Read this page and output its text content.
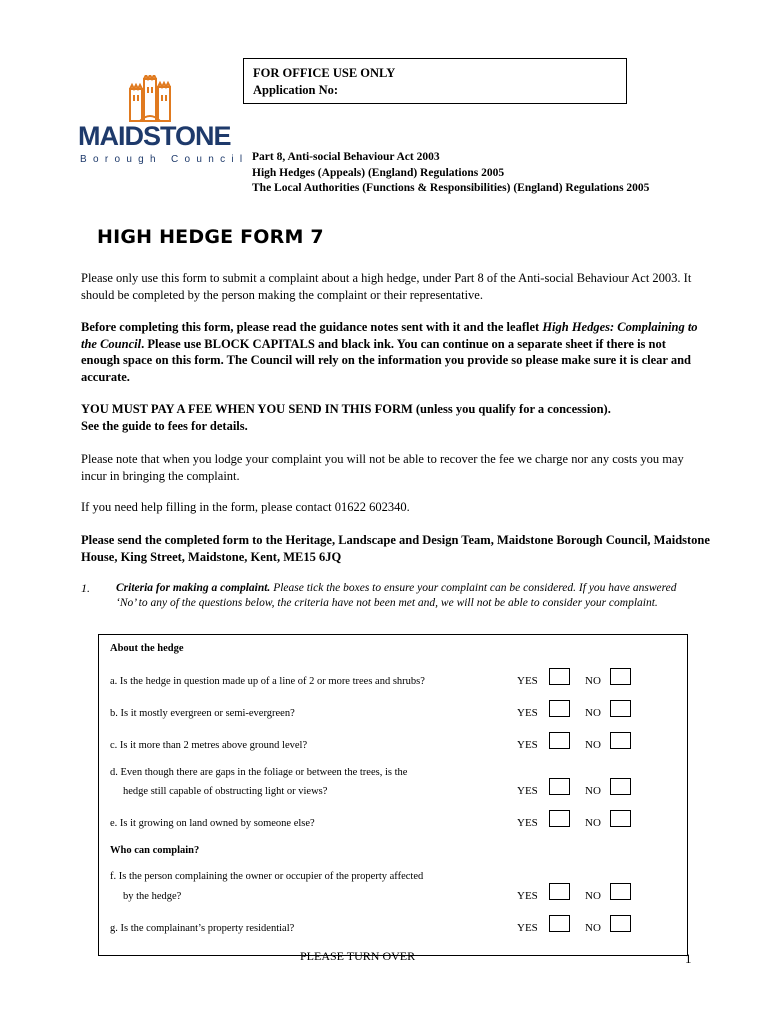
FOR OFFICE USE ONLY
Application No:
MAIDSTONE
Borough Council Part 8, Anti-social Behaviour Act 2003
High Hedges (Appeals) (England) Regulations 2005
The Local Authorities (Functions & Responsibilities) (England) Regulations 2005
HIGH HEDGE FORM 7
Please only use this form to submit a complaint about a high hedge, under Part 8 of the Anti-social Behaviour Act 2003. It should be completed by the person making the complaint or their representative.
Before completing this form, please read the guidance notes sent with it and the leaflet High Hedges: Complaining to the Council. Please use BLOCK CAPITALS and black ink. You can continue on a separate sheet if there is not enough space on this form. The Council will rely on the information you provide so please make sure it is clear and accurate.
YOU MUST PAY A FEE WHEN YOU SEND IN THIS FORM (unless you qualify for a concession).
See the guide to fees for details.
Please note that when you lodge your complaint you will not be able to recover the fee we charge nor any costs you may incur in bringing the complaint.
If you need help filling in the form, please contact 01622 602340.
Please send the completed form to the Heritage, Landscape and Design Team, Maidstone Borough Council, Maidstone House, King Street, Maidstone, Kent, ME15 6JQ
1. Criteria for making a complaint. Please tick the boxes to ensure your complaint can be considered. If you have answered ‘No’ to any of the questions below, the criteria have not been met and, we will not be able to consider your complaint.
About the hedge
a. Is the hedge in question made up of a line of 2 or more trees and shrubs?	YES	NO
b. Is it mostly evergreen or semi-evergreen?	YES	NO
c. Is it more than 2 metres above ground level?	YES	NO
d. Even though there are gaps in the foliage or between the trees, is the
hedge still capable of obstructing light or views?	YES	NO
e. Is it growing on land owned by someone else?	YES	NO
Who can complain?
f. Is the person complaining the owner or occupier of the property affected
by the hedge?	YES	NO
g. Is the complainant’s property residential?	YES	NO
PLEASE TURN OVER	1
